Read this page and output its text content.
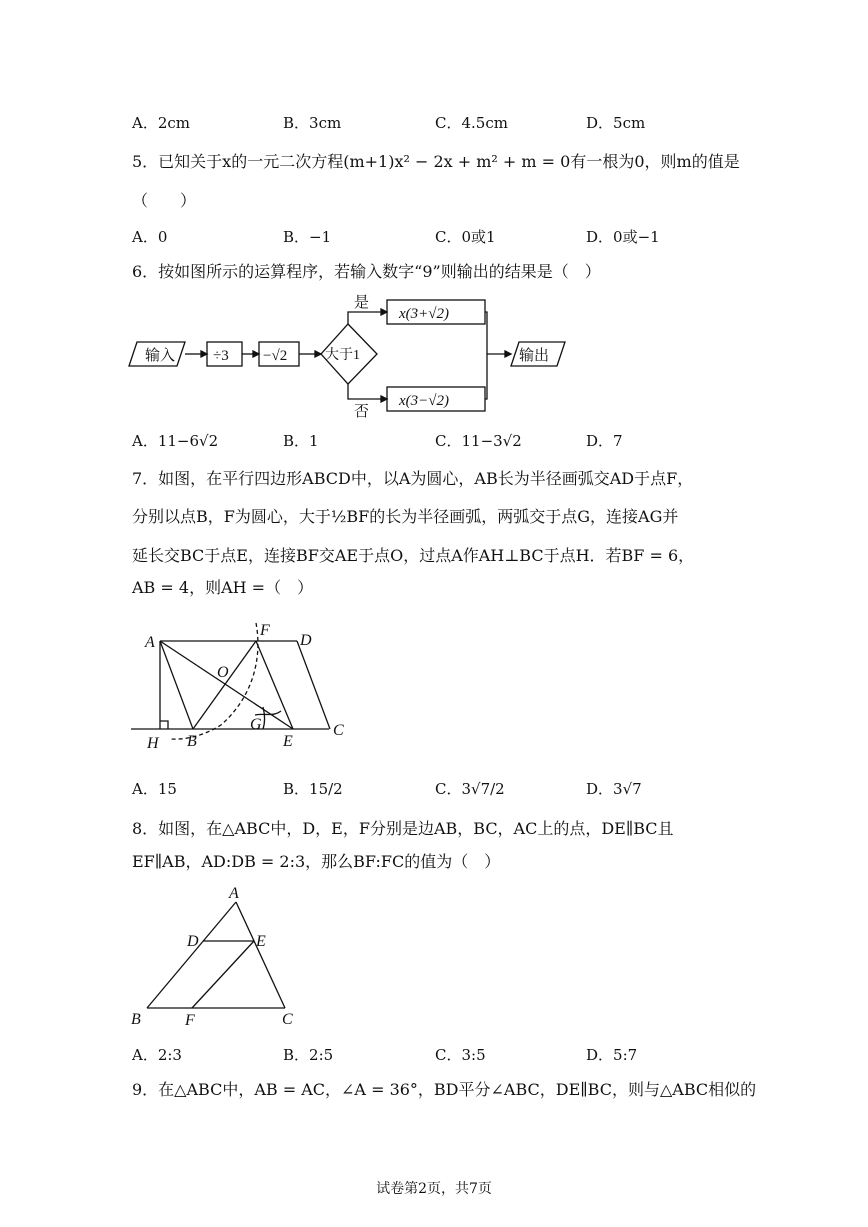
A．2cm	B．3cm	C．4.5cm	D．5cm
5．已知关于x的一元二次方程(m+1)x² − 2x + m² + m = 0有一根为0，则m的值是
（　　）
A．0	B．−1	C．0或1	D．0或−1
6．按如图所示的运算程序，若输入数字“9”则输出的结果是（　）
输入	÷3 −√2	大于1
是
否
x(3+√2)
x(3−√2)
输出
A．11−6√2	B．1	C．11−3√2	D．7
7．如图，在平行四边形ABCD中，以A为圆心，AB长为半径画弧交AD于点F，
分别以点B，F为圆心，大于½BF的长为半径画弧，两弧交于点G，连接AG并
延长交BC于点E，连接BF交AE于点O，过点A作AH⊥BC于点H．若BF = 6，
AB = 4，则AH =（　）
A
B
C
D
E
F
G
H
O
A．15	B．15/2	C．3√7/2	D．3√7
8．如图，在△ABC中，D，E，F分别是边AB，BC，AC上的点，DE∥BC且
EF∥AB，AD:DB = 2:3，那么BF:FC的值为（　）
A
B	C
D	E
F
A．2:3	B．2:5	C．3:5	D．5:7
9．在△ABC中，AB = AC，∠A = 36°，BD平分∠ABC，DE∥BC，则与△ABC相似的
试卷第2页，共7页
